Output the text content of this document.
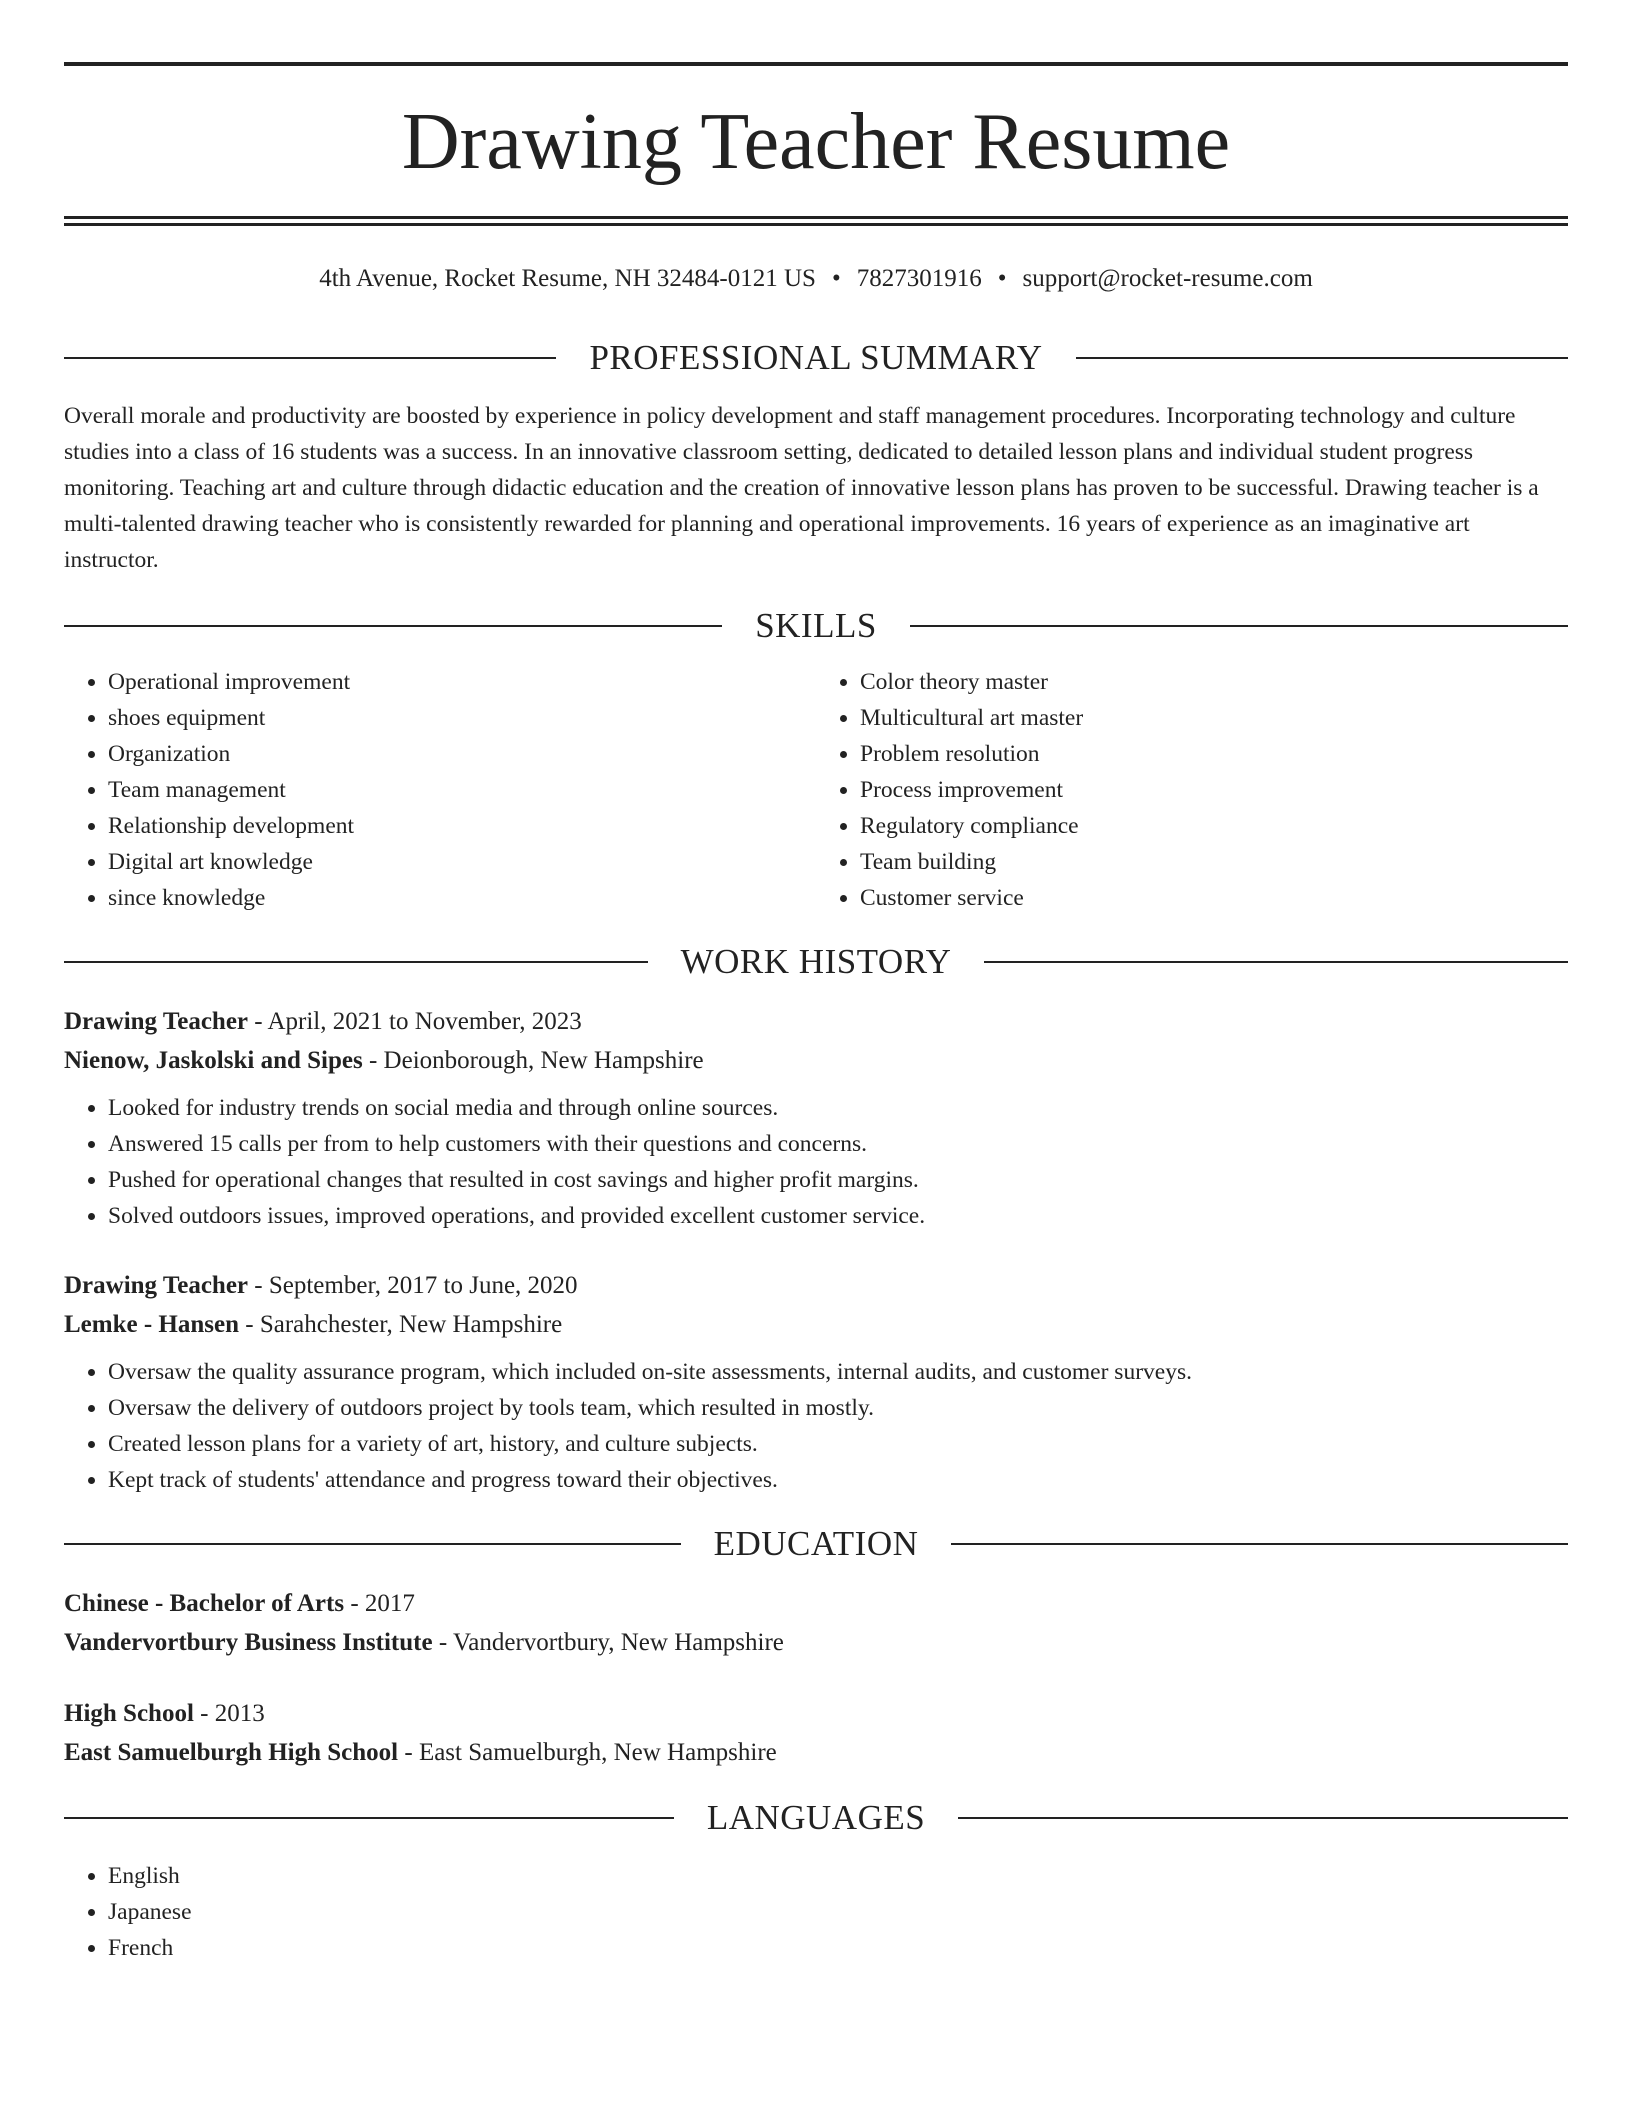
Drawing Teacher Resume
4th Avenue, Rocket Resume, NH 32484-0121 US • 7827301916 • support@rocket-resume.com
PROFESSIONAL SUMMARY

Overall morale and productivity are boosted by experience in policy development and staff management procedures. Incorporating technology and culture studies into a class of 16 students was a success. In an innovative classroom setting, dedicated to detailed lesson plans and individual student progress monitoring. Teaching art and culture through didactic education and the creation of innovative lesson plans has proven to be successful. Drawing teacher is a multi-talented drawing teacher who is consistently rewarded for planning and operational improvements. 16 years of experience as an imaginative art instructor.

SKILLS
• Operational improvement
• shoes equipment
• Organization
• Team management
• Relationship development
• Digital art knowledge
• since knowledge
• Color theory master
• Multicultural art master
• Problem resolution
• Process improvement
• Regulatory compliance
• Team building
• Customer service
WORK HISTORY
Drawing Teacher - April, 2021 to November, 2023
Nienow, Jaskolski and Sipes - Deionborough, New Hampshire
• Looked for industry trends on social media and through online sources.
• Answered 15 calls per from to help customers with their questions and concerns.
• Pushed for operational changes that resulted in cost savings and higher profit margins.
• Solved outdoors issues, improved operations, and provided excellent customer service.
Drawing Teacher - September, 2017 to June, 2020
Lemke - Hansen - Sarahchester, New Hampshire
• Oversaw the quality assurance program, which included on-site assessments, internal audits, and customer surveys.
• Oversaw the delivery of outdoors project by tools team, which resulted in mostly.
• Created lesson plans for a variety of art, history, and culture subjects.
• Kept track of students' attendance and progress toward their objectives.
EDUCATION
Chinese - Bachelor of Arts - 2017
Vandervortbury Business Institute - Vandervortbury, New Hampshire
High School - 2013
East Samuelburgh High School - East Samuelburgh, New Hampshire
LANGUAGES
• English
• Japanese
• French
